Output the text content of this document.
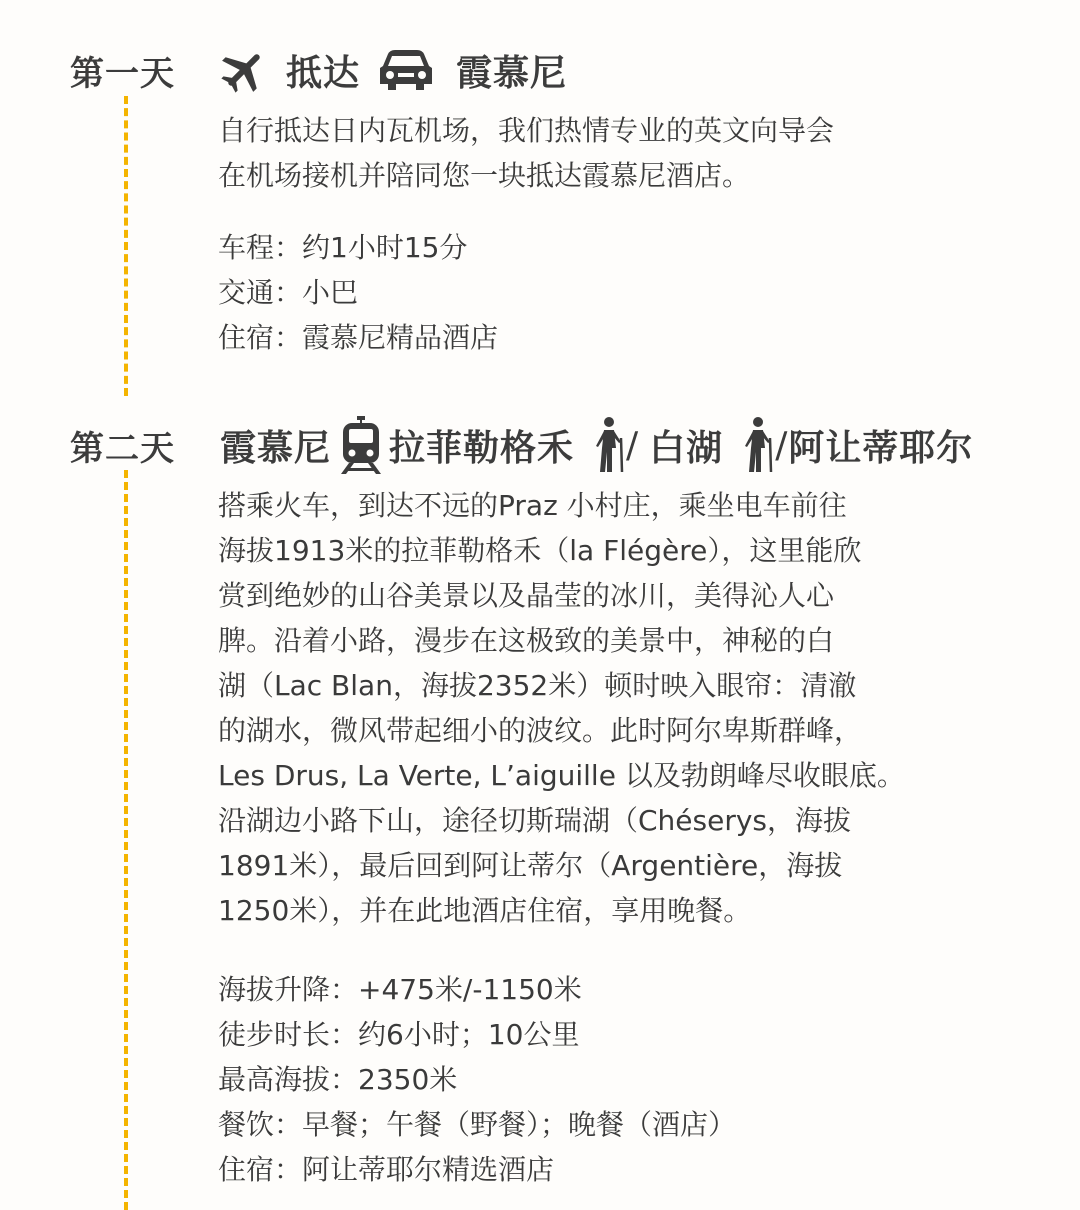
第一天	抵达	霞慕尼
自行抵达日内瓦机场，我们热情专业的英文向导会
在机场接机并陪同您一块抵达霞慕尼酒店。
车程：约1小时15分
交通：小巴
住宿：霞慕尼精品酒店
第二天	霞慕尼 拉菲勒格禾 / 白湖 / 阿让蒂耶尔
搭乘火车，到达不远的Praz 小村庄，乘坐电车前往
海拔1913米的拉菲勒格禾（la Flégère），这里能欣
赏到绝妙的山谷美景以及晶莹的冰川，美得沁人心
脾。沿着小路，漫步在这极致的美景中，神秘的白
湖（Lac Blan，海拔2352米）顿时映入眼帘：清澈
的湖水，微风带起细小的波纹。此时阿尔卑斯群峰，
Les Drus, La Verte, L’aiguille 以及勃朗峰尽收眼底。
沿湖边小路下山，途径切斯瑞湖（Chéserys，海拔
1891米），最后回到阿让蒂尔（Argentière，海拔
1250米），并在此地酒店住宿，享用晚餐。
海拔升降：+475米/-1150米
徒步时长：约6小时；10公里
最高海拔：2350米
餐饮：早餐；午餐（野餐）；晚餐（酒店）
住宿：阿让蒂耶尔精选酒店
